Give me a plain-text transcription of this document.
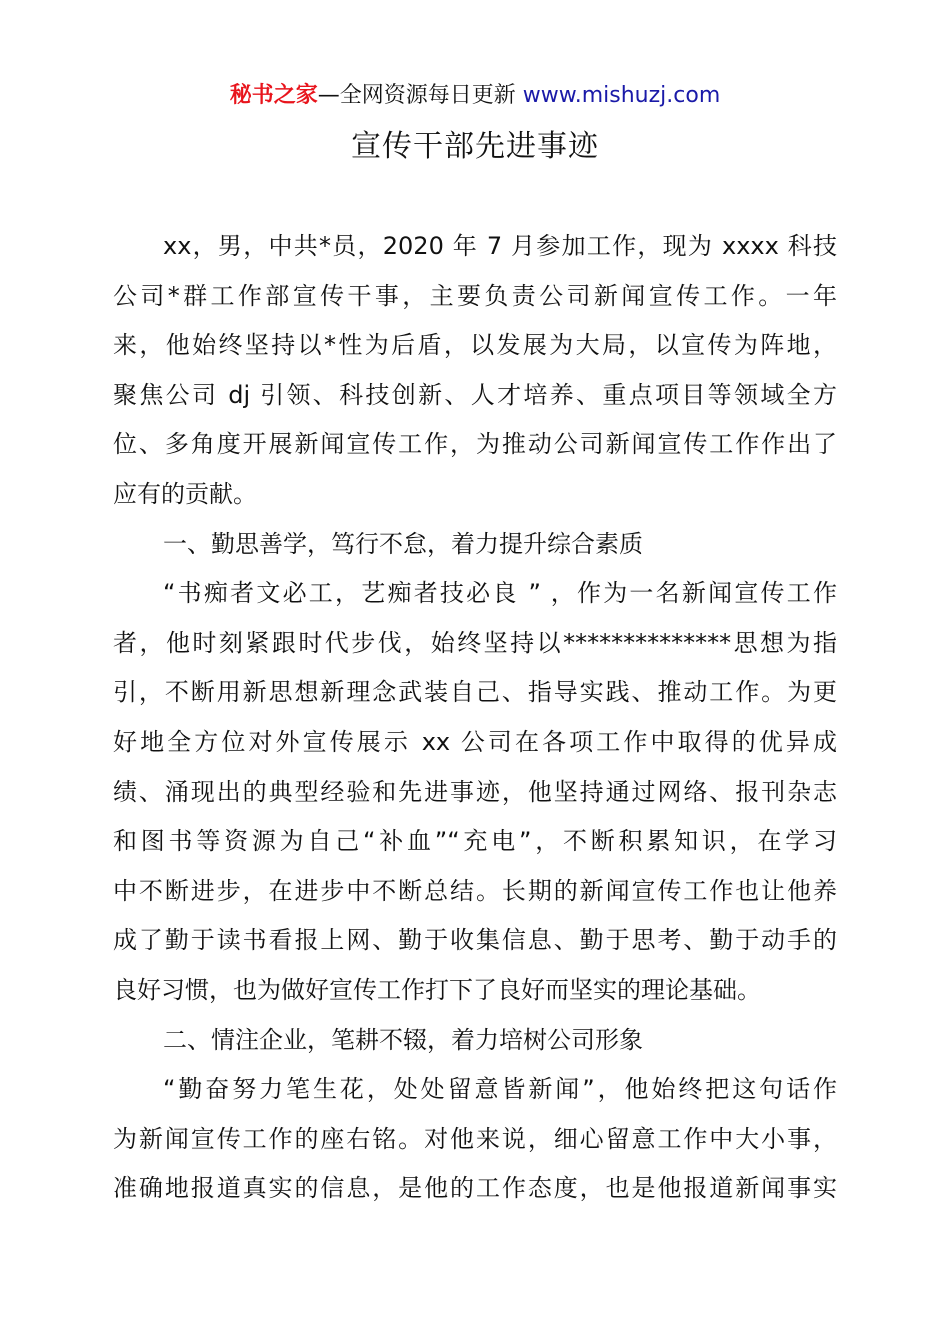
秘书之家—全网资源每日更新 www.mishuzj.com
宣传干部先进事迹
xx，男，中共*员，2020 年 7 月参加工作，现为 xxxx 科技
公司*群工作部宣传干事，主要负责公司新闻宣传工作。一年
来，他始终坚持以*性为后盾，以发展为大局，以宣传为阵地，
聚焦公司 dj 引领、科技创新、人才培养、重点项目等领域全方
位、多角度开展新闻宣传工作，为推动公司新闻宣传工作作出了
应有的贡献。
一、勤思善学，笃行不怠，着力提升综合素质
“书痴者文必工，艺痴者技必良 ” ，作为一名新闻宣传工作
者，他时刻紧跟时代步伐，始终坚持以**************思想为指
引，不断用新思想新理念武装自己、指导实践、推动工作。为更
好地全方位对外宣传展示 xx 公司在各项工作中取得的优异成
绩、涌现出的典型经验和先进事迹，他坚持通过网络、报刊杂志
和图书等资源为自己“补血”“充电”，不断积累知识，在学习
中不断进步，在进步中不断总结。长期的新闻宣传工作也让他养
成了勤于读书看报上网、勤于收集信息、勤于思考、勤于动手的
良好习惯，也为做好宣传工作打下了良好而坚实的理论基础。
二、情注企业，笔耕不辍，着力培树公司形象
“勤奋努力笔生花，处处留意皆新闻”，他始终把这句话作
为新闻宣传工作的座右铭。对他来说，细心留意工作中大小事，
准确地报道真实的信息，是他的工作态度，也是他报道新闻事实
